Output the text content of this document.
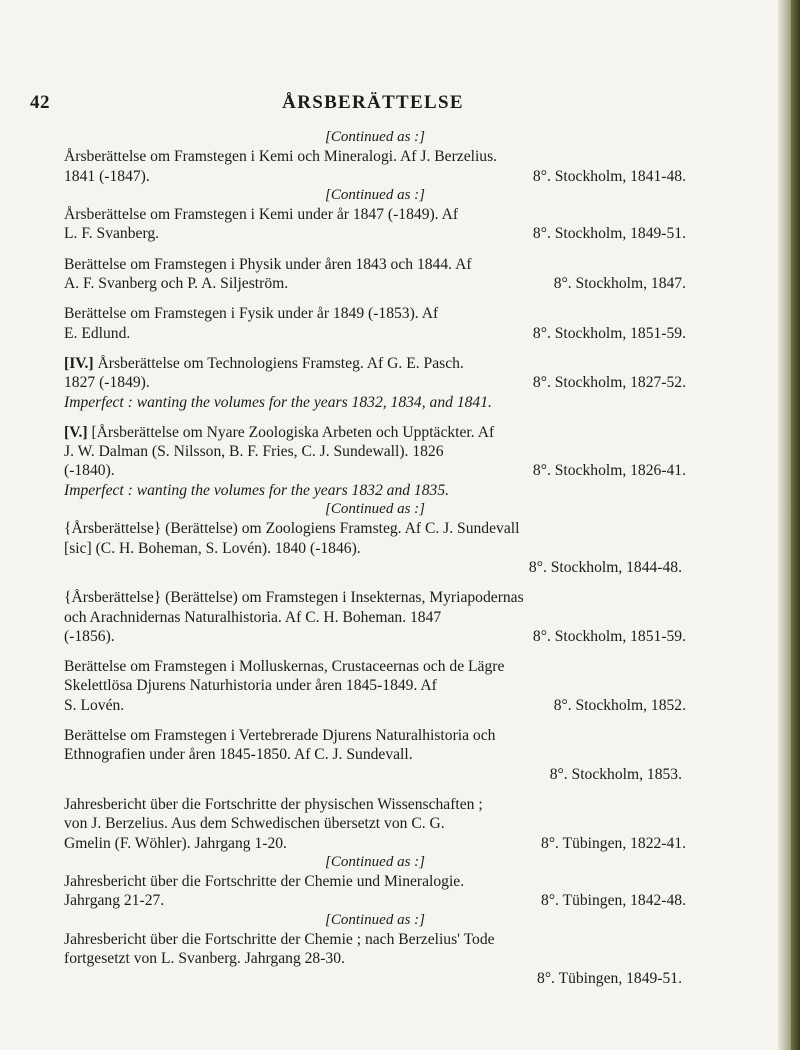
42	ÅRSBERÄTTELSE

[Continued as :]

Årsberättelse om Framstegen i Kemi och Mineralogi. Af J. Berzelius.
8°. Stockholm, 1841-48.
1841 (-1847).

[Continued as :]

Årsberättelse om Framstegen i Kemi under år 1847 (-1849). Af
8°. Stockholm, 1849-51.
L. F. Svanberg.
Berättelse om Framstegen i Physik under åren 1843 och 1844. Af
8°. Stockholm, 1847.
A. F. Svanberg och P. A. Siljeström.
Berättelse om Framstegen i Fysik under år 1849 (-1853). Af
8°. Stockholm, 1851-59.
E. Edlund.
[IV.] Årsberättelse om Technologiens Framsteg. Af G. E. Pasch.
8°. Stockholm, 1827-52.
1827 (-1849).
Imperfect : wanting the volumes for the years 1832, 1834, and 1841.
[V.] [Årsberättelse om Nyare Zoologiska Arbeten och Upptäckter. Af
J. W. Dalman (S. Nilsson, B. F. Fries, C. J. Sundewall). 1826
8°. Stockholm, 1826-41.
(-1840).
Imperfect : wanting the volumes for the years 1832 and 1835.

[Continued as :]

{Årsberättelse} (Berättelse) om Zoologiens Framsteg. Af C. J. Sundevall
[sic] (C. H. Boheman, S. Lovén). 1840 (-1846).
8°. Stockholm, 1844-48.
{Årsberättelse} (Berättelse) om Framstegen i Insekternas, Myriapodernas
och Arachnidernas Naturalhistoria. Af C. H. Boheman. 1847
8°. Stockholm, 1851-59.
(-1856).
Berättelse om Framstegen i Molluskernas, Crustaceernas och de Lägre
Skelettlösa Djurens Naturhistoria under åren 1845-1849. Af
8°. Stockholm, 1852.
S. Lovén.
Berättelse om Framstegen i Vertebrerade Djurens Naturalhistoria och
Ethnografien under åren 1845-1850. Af C. J. Sundevall.
8°. Stockholm, 1853.
Jahresbericht über die Fortschritte der physischen Wissenschaften ;
von J. Berzelius. Aus dem Schwedischen übersetzt von C. G.
8°. Tübingen, 1822-41.
Gmelin (F. Wöhler). Jahrgang 1-20.

[Continued as :]

Jahresbericht über die Fortschritte der Chemie und Mineralogie.
8°. Tübingen, 1842-48.
Jahrgang 21-27.

[Continued as :]

Jahresbericht über die Fortschritte der Chemie ; nach Berzelius' Tode
fortgesetzt von L. Svanberg. Jahrgang 28-30.
8°. Tübingen, 1849-51.
